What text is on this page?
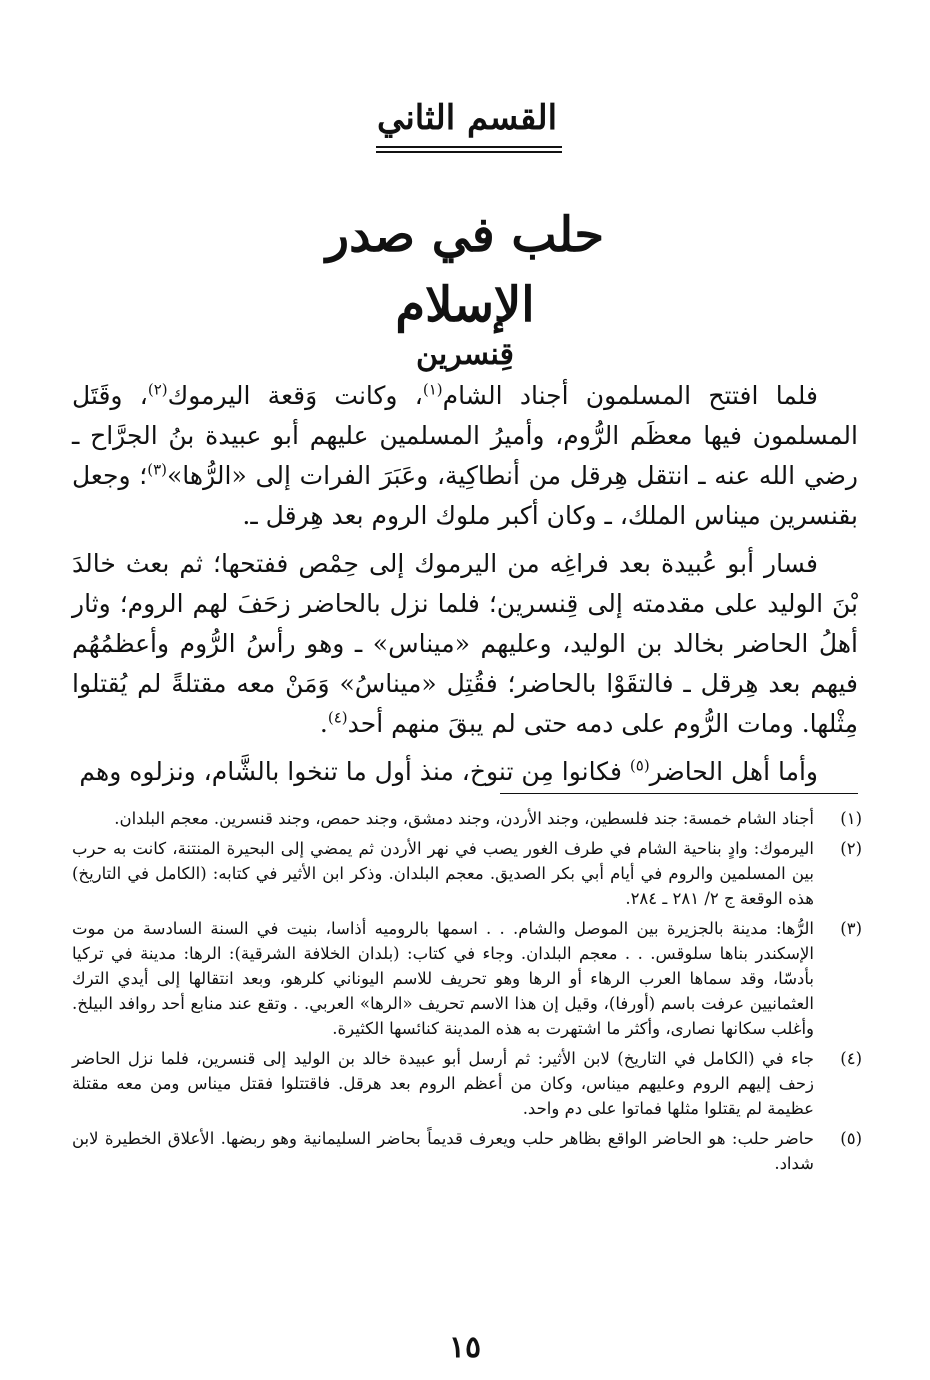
القسم الثاني
حلب في صدر الإسلام
قِنسرين

فلما افتتح المسلمون أجناد الشام$^{(١)}$، وكانت وَقعة اليرموك$^{(٢)}$، وقَتَل المسلمون فيها معظَم الرُّوم، وأميرُ المسلمين عليهم أبو عبيدة بنُ الجرَّاح ـ رضي الله عنه ـ انتقل هِرقل من أنطاكِية، وعَبَرَ الفرات إلى «الرُّها»$^{(٣)}$؛ وجعل بقنسرين ميناس الملك، ـ وكان أكبر ملوك الروم بعد هِرقل ـ.

فسار أبو عُبيدة بعد فراغِه من اليرموك إلى حِمْص ففتحها؛ ثم بعث خالدَ بْنَ الوليد على مقدمته إلى قِنسرين؛ فلما نزل بالحاضر زحَفَ لهم الروم؛ وثار أهلُ الحاضر بخالد بن الوليد، وعليهم «ميناس» ـ وهو رأسُ الرُّوم وأعظمُهُم فيهم بعد هِرقل ـ فالتقَوْا بالحاضر؛ فقُتِل «ميناسُ» وَمَنْ معه مقتلةً لم يُقتلوا مِثْلها. ومات الرُّوم على دمه حتى لم يبقَ منهم أحد$^{(٤)}$.

وأما أهل الحاضر$^{(٥)}$ فكانوا مِن تنوخ، منذ أول ما تنخوا بالشَّام، ونزلوه وهم

(١)
أجناد الشام خمسة: جند فلسطين، وجند الأردن، وجند دمشق، وجند حمص، وجند قنسرين. معجم البلدان.
(٢)
اليرموك: وادٍ بناحية الشام في طرف الغور يصب في نهر الأردن ثم يمضي إلى البحيرة المنتنة، كانت به حرب بين المسلمين والروم في أيام أبي بكر الصديق. معجم البلدان. وذكر ابن الأثير في كتابه: (الكامل في التاريخ) هذه الوقعة ج ٢/ ٢٨١ ـ ٢٨٤.
(٣)
الرُّها: مدينة بالجزيرة بين الموصل والشام. . . اسمها بالروميه أذاسا، بنيت في السنة السادسة من موت الإسكندر بناها سلوقس. . . معجم البلدان. وجاء في كتاب: (بلدان الخلافة الشرقية): الرها: مدينة في تركيا بأدسّا، وقد سماها العرب الرهاء أو الرها وهو تحريف للاسم اليوناني كلرهو، وبعد انتقالها إلى أيدي الترك العثمانيين عرفت باسم (أورفا)، وقيل إن هذا الاسم تحريف «الرها» العربي. . وتقع عند منابع أحد روافد البيلخ. وأغلب سكانها نصارى، وأكثر ما اشتهرت به هذه المدينة كنائسها الكثيرة.
(٤)
جاء في (الكامل في التاريخ) لابن الأثير: ثم أرسل أبو عبيدة خالد بن الوليد إلى قنسرين، فلما نزل الحاضر زحف إليهم الروم وعليهم ميناس، وكان من أعظم الروم بعد هرقل. فاقتتلوا فقتل ميناس ومن معه مقتلة عظيمة لم يقتلوا مثلها فماتوا على دم واحد.
(٥)
حاضر حلب: هو الحاضر الواقع بظاهر حلب ويعرف قديماً بحاضر السليمانية وهو ربضها. الأعلاق الخطيرة لابن شداد.
١٥
